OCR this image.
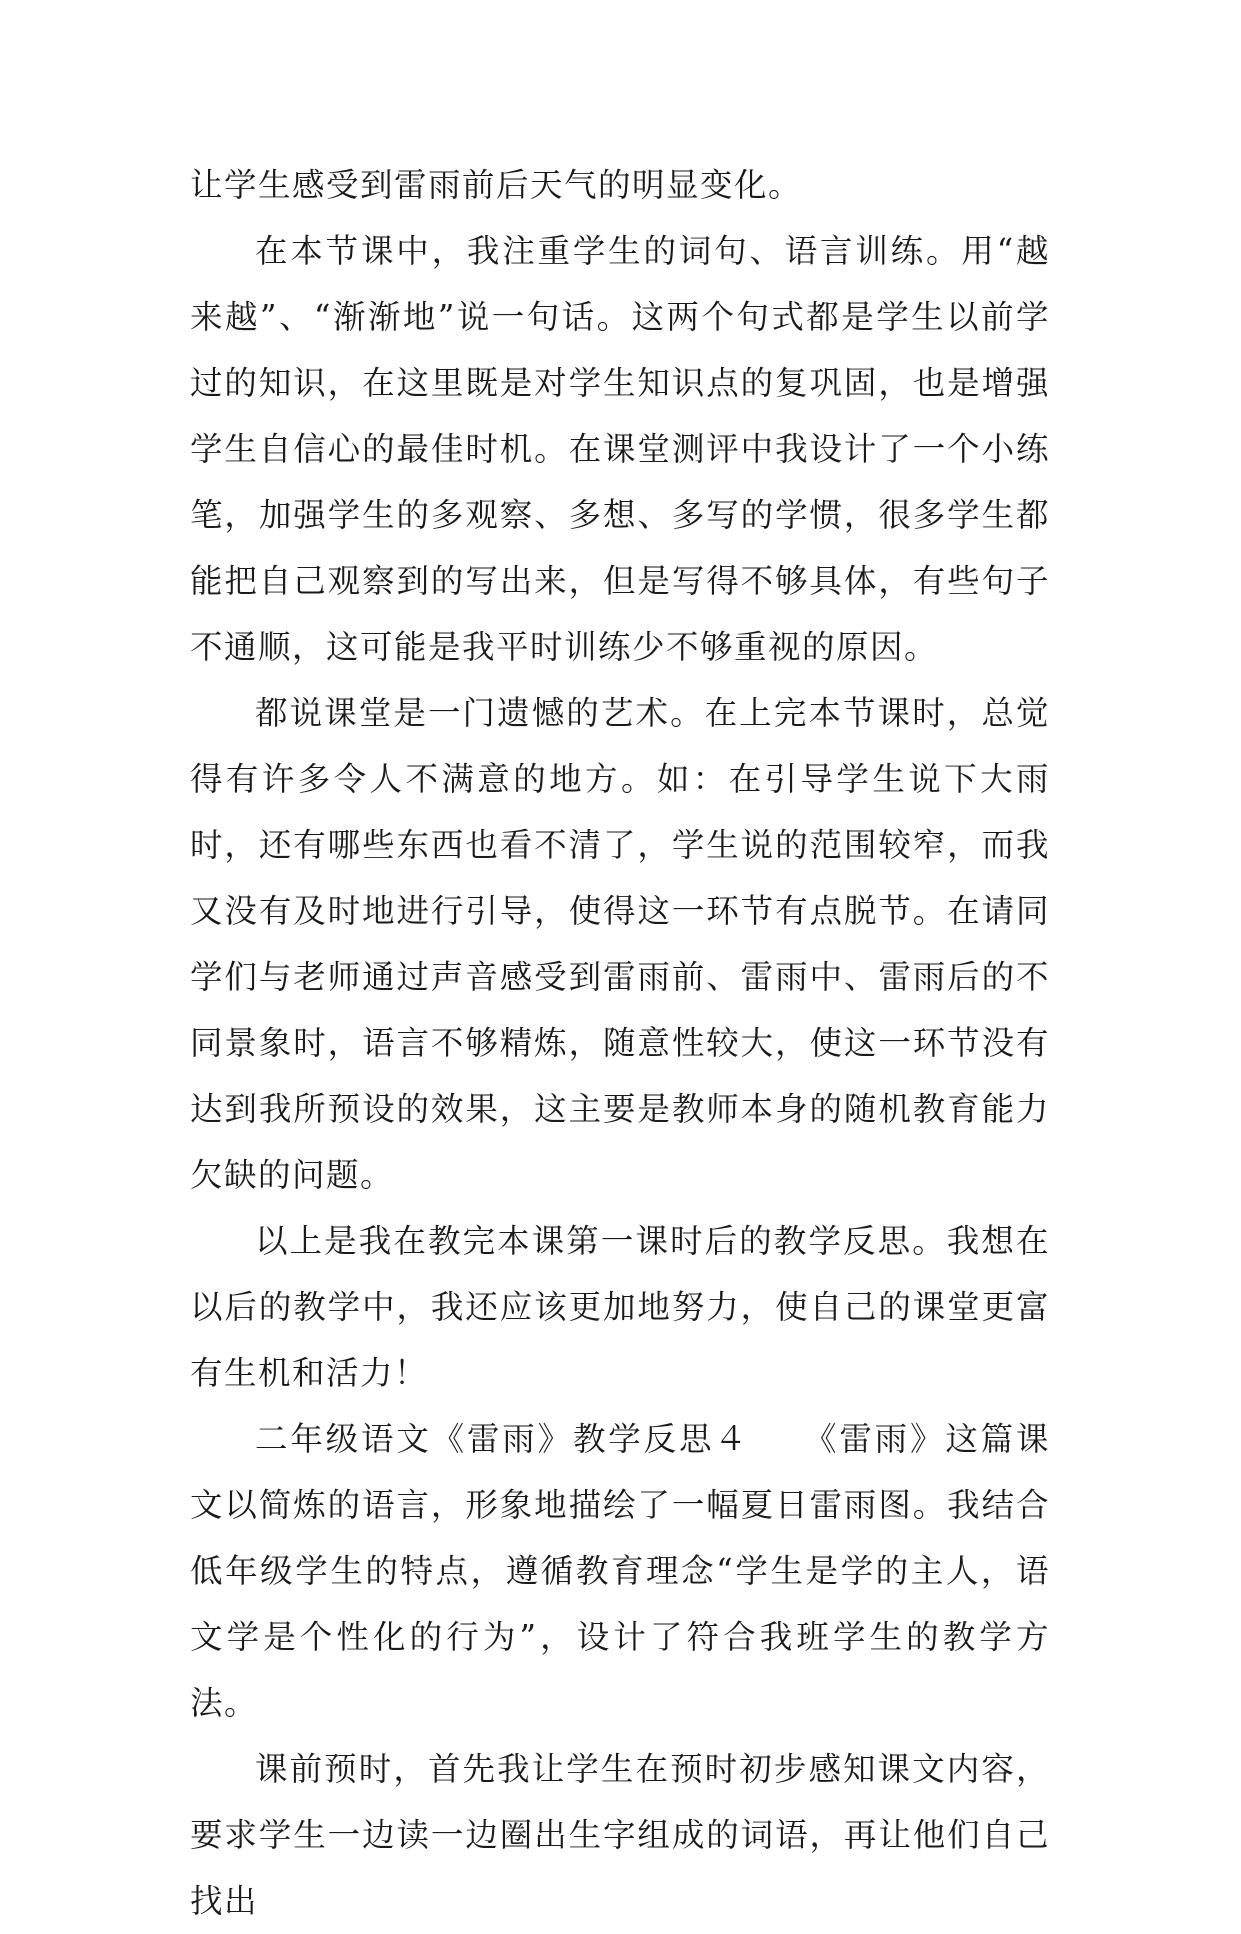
让学生感受到雷雨前后天气的明显变化。

在本节课中，我注重学生的词句、语言训练。用“越来越”、“渐渐地”说一句话。这两个句式都是学生以前学过的知识，在这里既是对学生知识点的复巩固，也是增强学生自信心的最佳时机。在课堂测评中我设计了一个小练笔，加强学生的多观察、多想、多写的学惯，很多学生都能把自己观察到的写出来，但是写得不够具体，有些句子不通顺，这可能是我平时训练少不够重视的原因。

都说课堂是一门遗憾的艺术。在上完本节课时，总觉得有许多令人不满意的地方。如：在引导学生说下大雨时，还有哪些东西也看不清了，学生说的范围较窄，而我又没有及时地进行引导，使得这一环节有点脱节。在请同学们与老师通过声音感受到雷雨前、雷雨中、雷雨后的不同景象时，语言不够精炼，随意性较大，使这一环节没有达到我所预设的效果，这主要是教师本身的随机教育能力欠缺的问题。

以上是我在教完本课第一课时后的教学反思。我想在以后的教学中，我还应该更加地努力，使自己的课堂更富有生机和活力！

二年级语文《雷雨》教学反思４　　《雷雨》这篇课文以简炼的语言，形象地描绘了一幅夏日雷雨图。我结合低年级学生的特点，遵循教育理念“学生是学的主人，语文学是个性化的行为”，设计了符合我班学生的教学方法。

课前预时，首先我让学生在预时初步感知课文内容，要求学生一边读一边圈出生字组成的词语，再让他们自己找出
